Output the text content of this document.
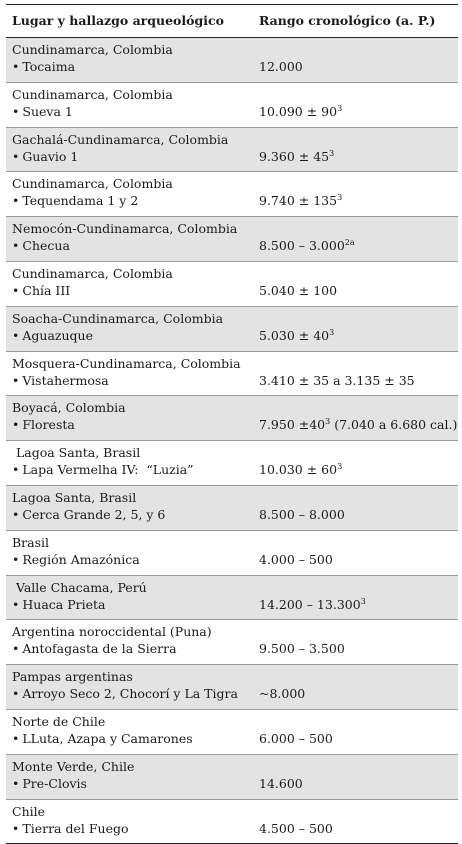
Lugar y hallazgo arqueológico	Rango cronológico (a. P.)
Cundinamarca, Colombia
• Tocaima	12.000
Cundinamarca, Colombia
• Sueva 1	$10.090 \pm 90^3$
Gachalá-Cundinamarca, Colombia
• Guavio 1	$9.360 \pm 45^3$
Cundinamarca, Colombia
• Tequendama 1 y 2	$9.740 \pm 135^3$
Nemocón-Cundinamarca, Colombia
• Checua	$8.500 - 3.000^{2a}$
Cundinamarca, Colombia
• Chía III	5.040 ± 100
Soacha-Cundinamarca, Colombia
• Aguazuque	$5.030 \pm 40^3$
Mosquera-Cundinamarca, Colombia
• Vistahermosa	3.410 ± 35 a 3.135 ± 35
Boyacá, Colombia
• Floresta	$7.950 \pm 40^3$ (7.040 a 6.680 cal.)
Lagoa Santa, Brasil
• Lapa Vermelha IV:  “Luzia”	$10.030 \pm 60^3$
Lagoa Santa, Brasil
• Cerca Grande 2, 5, y 6	8.500 – 8.000
Brasil
• Región Amazónica	4.000 – 500
Valle Chacama, Perú
• Huaca Prieta	14.200 – 13.300$^3$
Argentina noroccidental (Puna)
• Antofagasta de la Sierra	9.500 – 3.500
Pampas argentinas
• Arroyo Seco 2, Chocorí y La Tigra ~8.000
Norte de Chile
• LLuta, Azapa y Camarones	6.000 – 500
Monte Verde, Chile
• Pre-Clovis	14.600
Chile
• Tierra del Fuego	4.500 – 500
